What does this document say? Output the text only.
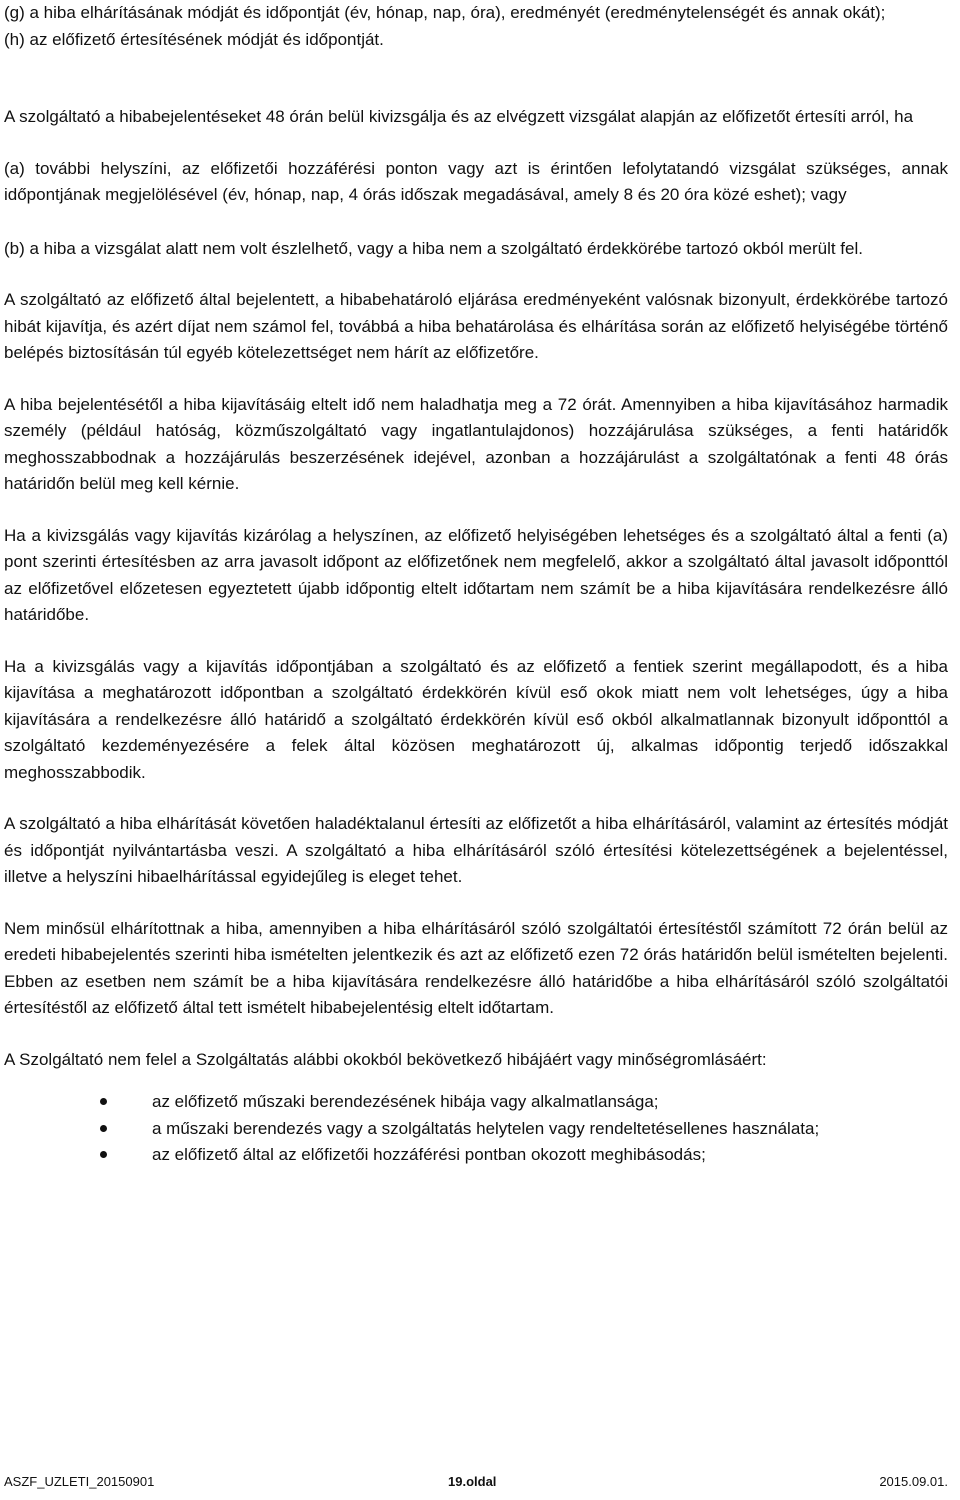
(g) a hiba elhárításának módját és időpontját (év, hónap, nap, óra), eredményét (eredménytelenségét és annak okát);

(h) az előfizető értesítésének módját és időpontját.

A szolgáltató a hibabejelentéseket 48 órán belül kivizsgálja és az elvégzett vizsgálat alapján az előfizetőt értesíti arról, ha

(a) további helyszíni, az előfizetői hozzáférési ponton vagy azt is érintően lefolytatandó vizsgálat szükséges, annak időpontjának megjelölésével (év, hónap, nap, 4 órás időszak megadásával, amely 8 és 20 óra közé eshet); vagy

(b) a hiba a vizsgálat alatt nem volt észlelhető, vagy a hiba nem a szolgáltató érdekkörébe tartozó okból merült fel.

A szolgáltató az előfizető által bejelentett, a hibabehatároló eljárása eredményeként valósnak bizonyult, érdekkörébe tartozó hibát kijavítja, és azért díjat nem számol fel, továbbá a hiba behatárolása és elhárítása során az előfizető helyiségébe történő belépés biztosításán túl egyéb kötelezettséget nem hárít az előfizetőre.

A hiba bejelentésétől a hiba kijavításáig eltelt idő nem haladhatja meg a 72 órát. Amennyiben a hiba kijavításához harmadik személy (például hatóság, közműszolgáltató vagy ingatlantulajdonos) hozzájárulása szükséges, a fenti határidők meghosszabbodnak a hozzájárulás beszerzésének idejével, azonban a hozzájárulást a szolgáltatónak a fenti 48 órás határidőn belül meg kell kérnie.

Ha a kivizsgálás vagy kijavítás kizárólag a helyszínen, az előfizető helyiségében lehetséges és a szolgáltató által a fenti (a) pont szerinti értesítésben az arra javasolt időpont az előfizetőnek nem megfelelő, akkor a szolgáltató által javasolt időponttól az előfizetővel előzetesen egyeztetett újabb időpontig eltelt időtartam nem számít be a hiba kijavítására rendelkezésre álló határidőbe.

Ha a kivizsgálás vagy a kijavítás időpontjában a szolgáltató és az előfizető a fentiek szerint megállapodott, és a hiba kijavítása a meghatározott időpontban a szolgáltató érdekkörén kívül eső okok miatt nem volt lehetséges, úgy a hiba kijavítására a rendelkezésre álló határidő a szolgáltató érdekkörén kívül eső okból alkalmatlannak bizonyult időponttól a szolgáltató kezdeményezésére a felek által közösen meghatározott új, alkalmas időpontig terjedő időszakkal meghosszabbodik.

A szolgáltató a hiba elhárítását követően haladéktalanul értesíti az előfizetőt a hiba elhárításáról, valamint az értesítés módját és időpontját nyilvántartásba veszi. A szolgáltató a hiba elhárításáról szóló értesítési kötelezettségének a bejelentéssel, illetve a helyszíni hibaelhárítással egyidejűleg is eleget tehet.

Nem minősül elhárítottnak a hiba, amennyiben a hiba elhárításáról szóló szolgáltatói értesítéstől számított 72 órán belül az eredeti hibabejelentés szerinti hiba ismételten jelentkezik és azt az előfizető ezen 72 órás határidőn belül ismételten bejelenti. Ebben az esetben nem számít be a hiba kijavítására rendelkezésre álló határidőbe a hiba elhárításáról szóló szolgáltatói értesítéstől az előfizető által tett ismételt hibabejelentésig eltelt időtartam.

A Szolgáltató nem felel a Szolgáltatás alábbi okokból bekövetkező hibájáért vagy minőségromlásáért:

az előfizető műszaki berendezésének hibája vagy alkalmatlansága;
a műszaki berendezés vagy a szolgáltatás helytelen vagy rendeltetésellenes használata;
az előfizető által az előfizetői hozzáférési pontban okozott meghibásodás;
ASZF_UZLETI_20150901	19.oldal	2015.09.01.
